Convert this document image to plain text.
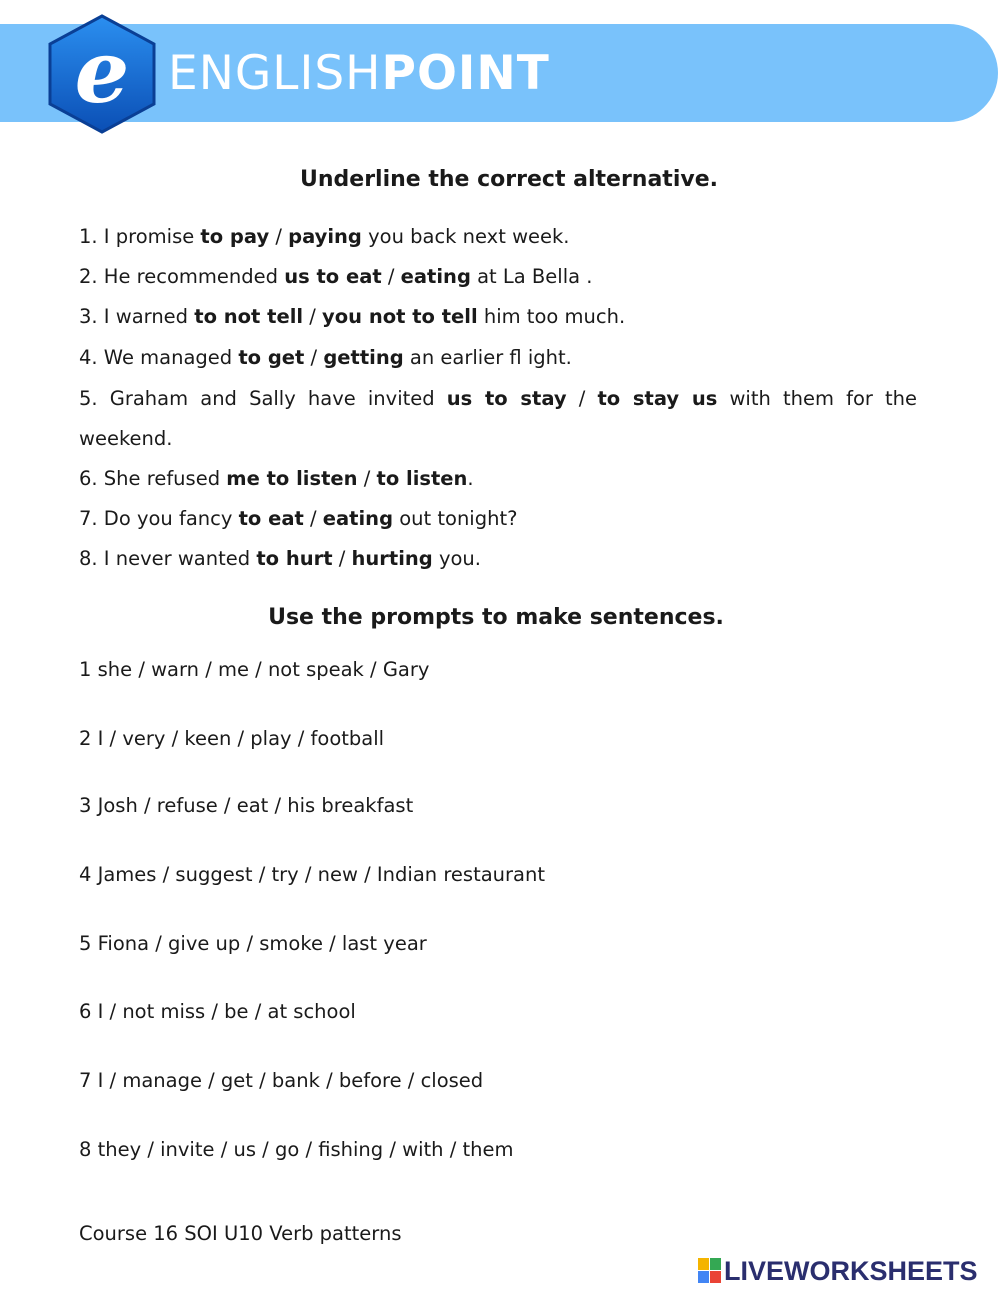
e ENGLISHPOINT
Underline the correct alternative.
1. I promise to pay / paying you back next week.
2. He recommended us to eat / eating at La Bella .
3. I warned to not tell / you not to tell him too much.
4. We managed to get / getting an earlier fl ight.
5. Graham and Sally have invited us to stay / to stay us with them for the weekend.
6. She refused me to listen / to listen.
7. Do you fancy to eat / eating out tonight?
8. I never wanted to hurt / hurting you.
Use the prompts to make sentences.
1 she / warn / me / not speak / Gary
2 I / very / keen / play / football
3 Josh / refuse / eat / his breakfast
4 James / suggest / try / new / Indian restaurant
5 Fiona / give up / smoke / last year
6 I / not miss / be / at school
7 I / manage / get / bank / before / closed
8 they / invite / us / go / fishing / with / them
Course 16 SOI U10 Verb patterns
LIVEWORKSHEETS
